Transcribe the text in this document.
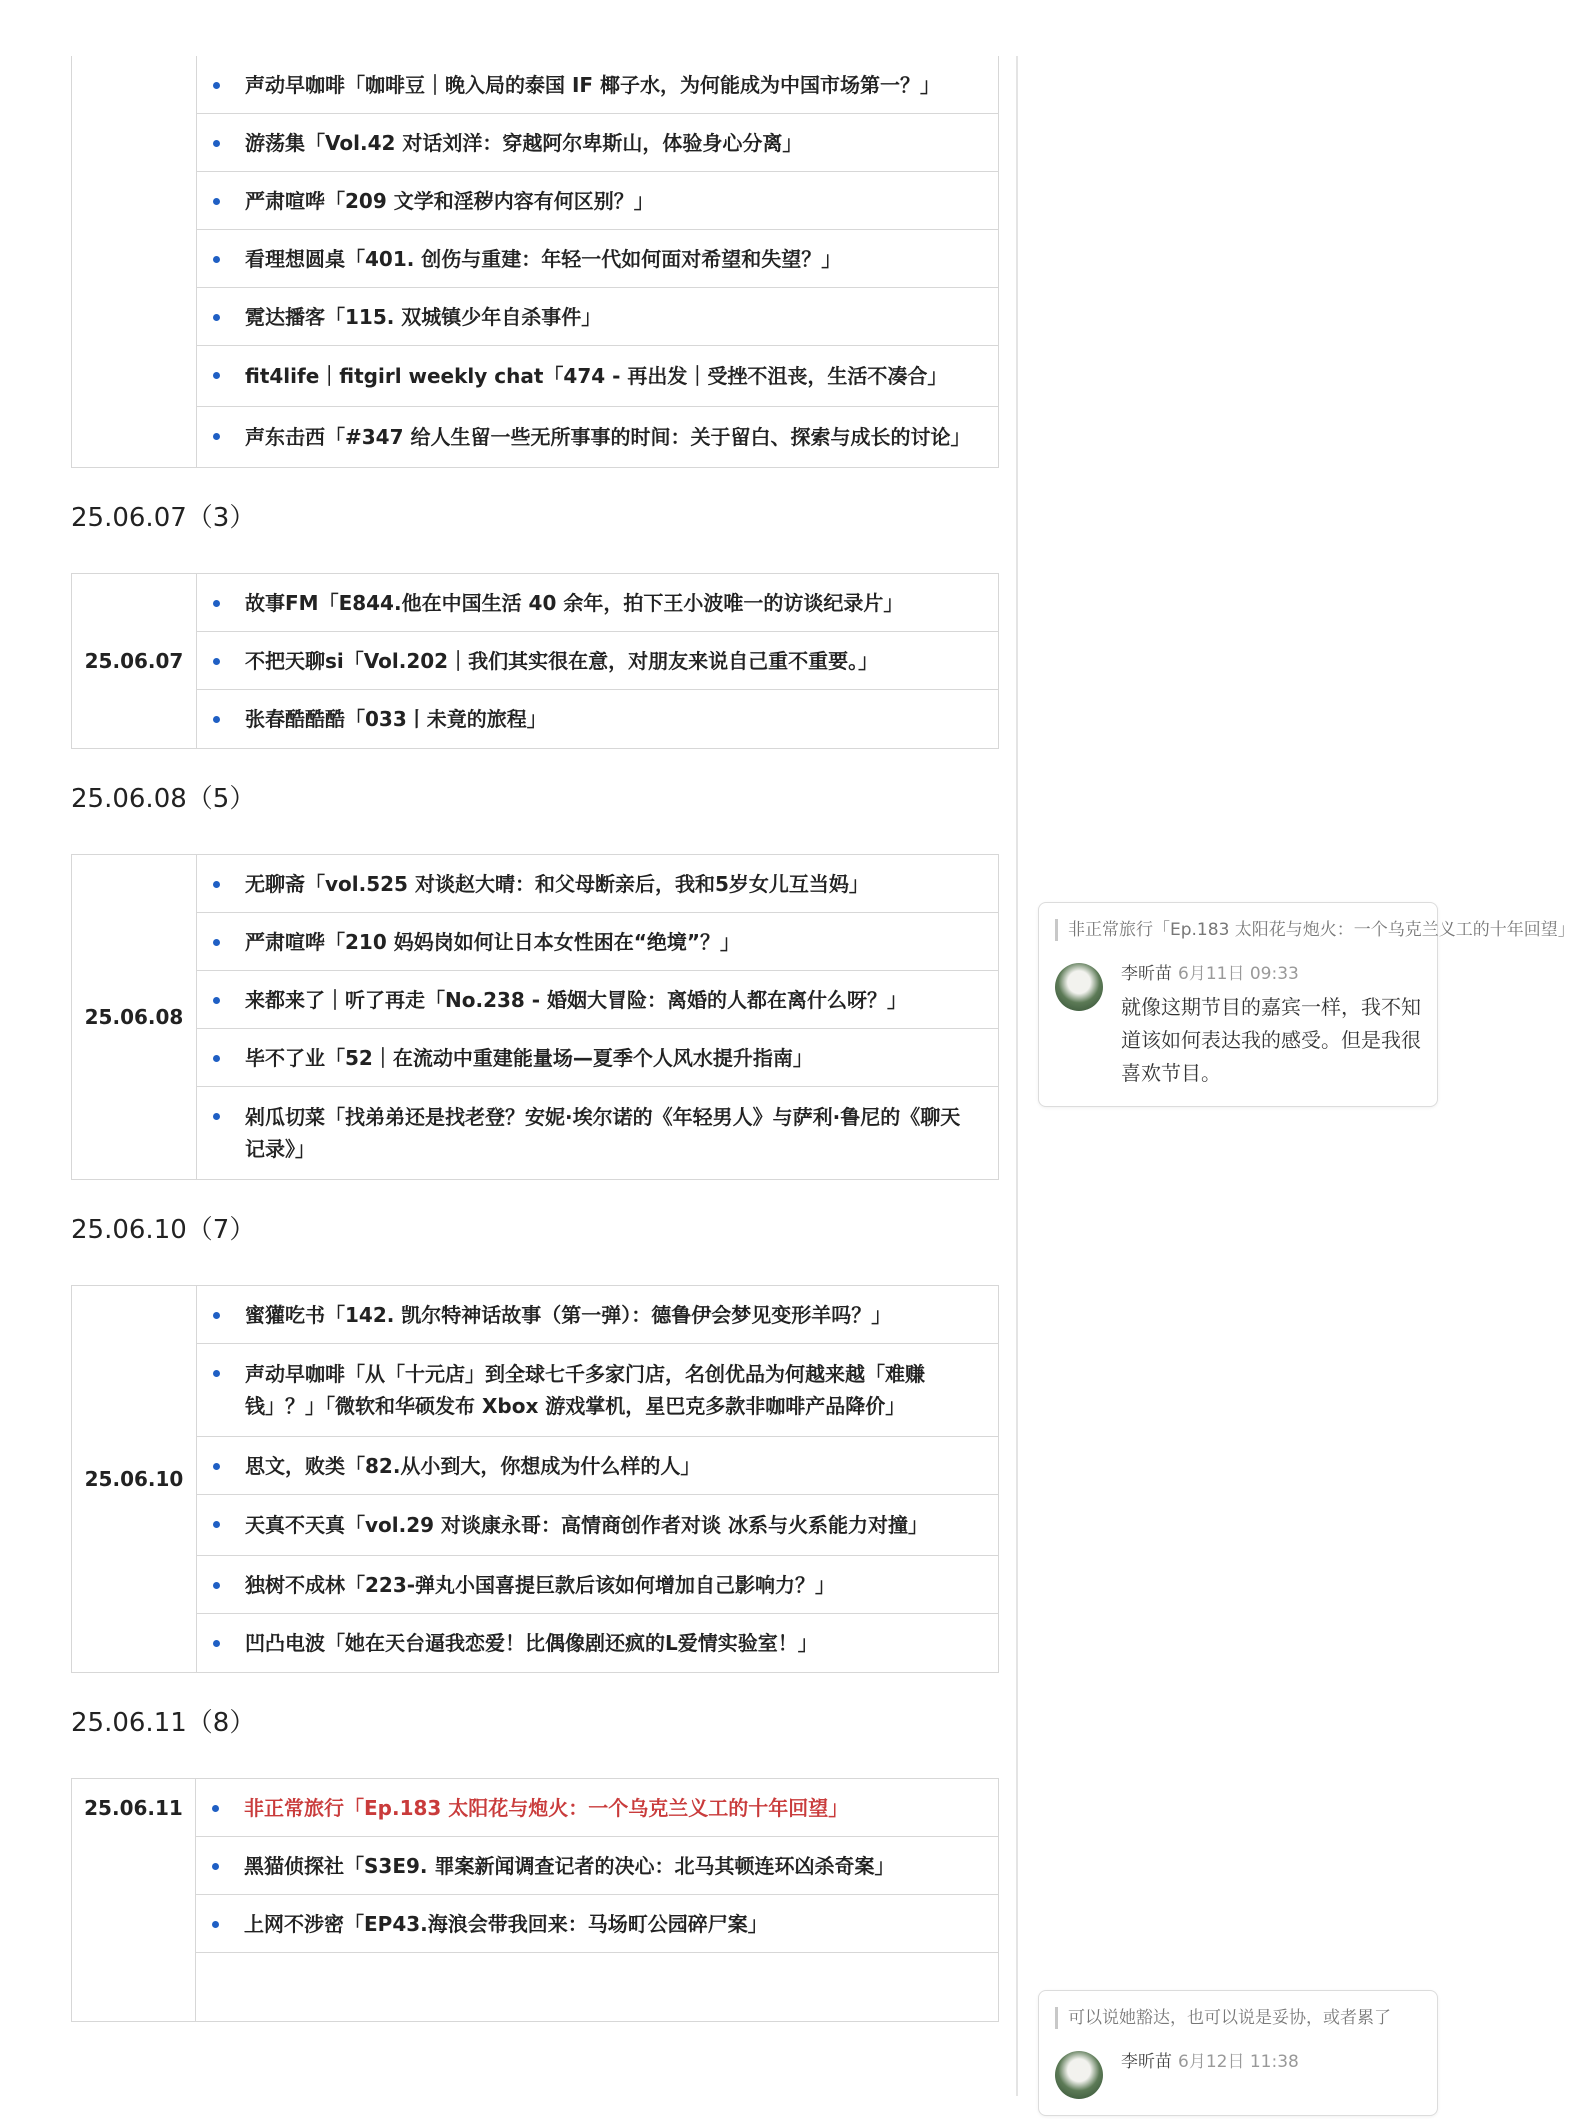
声动早咖啡「咖啡豆｜晚入局的泰国 IF 椰子水，为何能成为中国市场第一？」
游荡集「Vol.42 对话刘洋：穿越阿尔卑斯山，体验身心分离」
严肃喧哗「209 文学和淫秽内容有何区别？」
看理想圆桌「401. 创伤与重建：年轻一代如何面对希望和失望？」
霓达播客「115. 双城镇少年自杀事件」
fit4life｜fitgirl weekly chat「474 - 再出发｜受挫不沮丧，生活不凑合」
声东击西「#347 给人生留一些无所事事的时间：关于留白、探索与成长的讨论」
25.06.07（3）
25.06.07
故事FM「E844.他在中国生活 40 余年，拍下王小波唯一的访谈纪录片」
不把天聊si「Vol.202｜我们其实很在意，对朋友来说自己重不重要。」
张春酷酷酷「033丨未竟的旅程」
25.06.08（5）
25.06.08
无聊斋「vol.525 对谈赵大晴：和父母断亲后，我和5岁女儿互当妈」
严肃喧哗「210 妈妈岗如何让日本女性困在“绝境”？」
来都来了｜听了再走「No.238 - 婚姻大冒险：离婚的人都在离什么呀？」
毕不了业「52｜在流动中重建能量场—夏季个人风水提升指南」
剁瓜切菜「找弟弟还是找老登？安妮·埃尔诺的《年轻男人》与萨利·鲁尼的《聊天记录》」
25.06.10（7）
25.06.10
蜜獾吃书「142. 凯尔特神话故事（第一弹）：德鲁伊会梦见变形羊吗？」
声动早咖啡「从「十元店」到全球七千多家门店，名创优品为何越来越「难赚钱」？」「微软和华硕发布 Xbox 游戏掌机，星巴克多款非咖啡产品降价」
思文，败类「82.从小到大，你想成为什么样的人」
天真不天真「vol.29 对谈康永哥：高情商创作者对谈 冰系与火系能力对撞」
独树不成林「223-弹丸小国喜提巨款后该如何增加自己影响力？」
凹凸电波「她在天台逼我恋爱！比偶像剧还疯的L爱情实验室！」
25.06.11（8）
25.06.11	非正常旅行「Ep.183 太阳花与炮火：一个乌克兰义工的十年回望」
黑猫侦探社「S3E9. 罪案新闻调查记者的决心：北马其顿连环凶杀奇案」
上网不涉密「EP43.海浪会带我回来：马场町公园碎尸案」
非正常旅行「Ep.183 太阳花与炮火：一个乌克兰义工的十年回望」
李昕苗 6月11日 09:33
就像这期节目的嘉宾一样，我不知道该如何表达我的感受。但是我很喜欢节目。
可以说她豁达，也可以说是妥协，或者累了
李昕苗 6月12日 11:38
